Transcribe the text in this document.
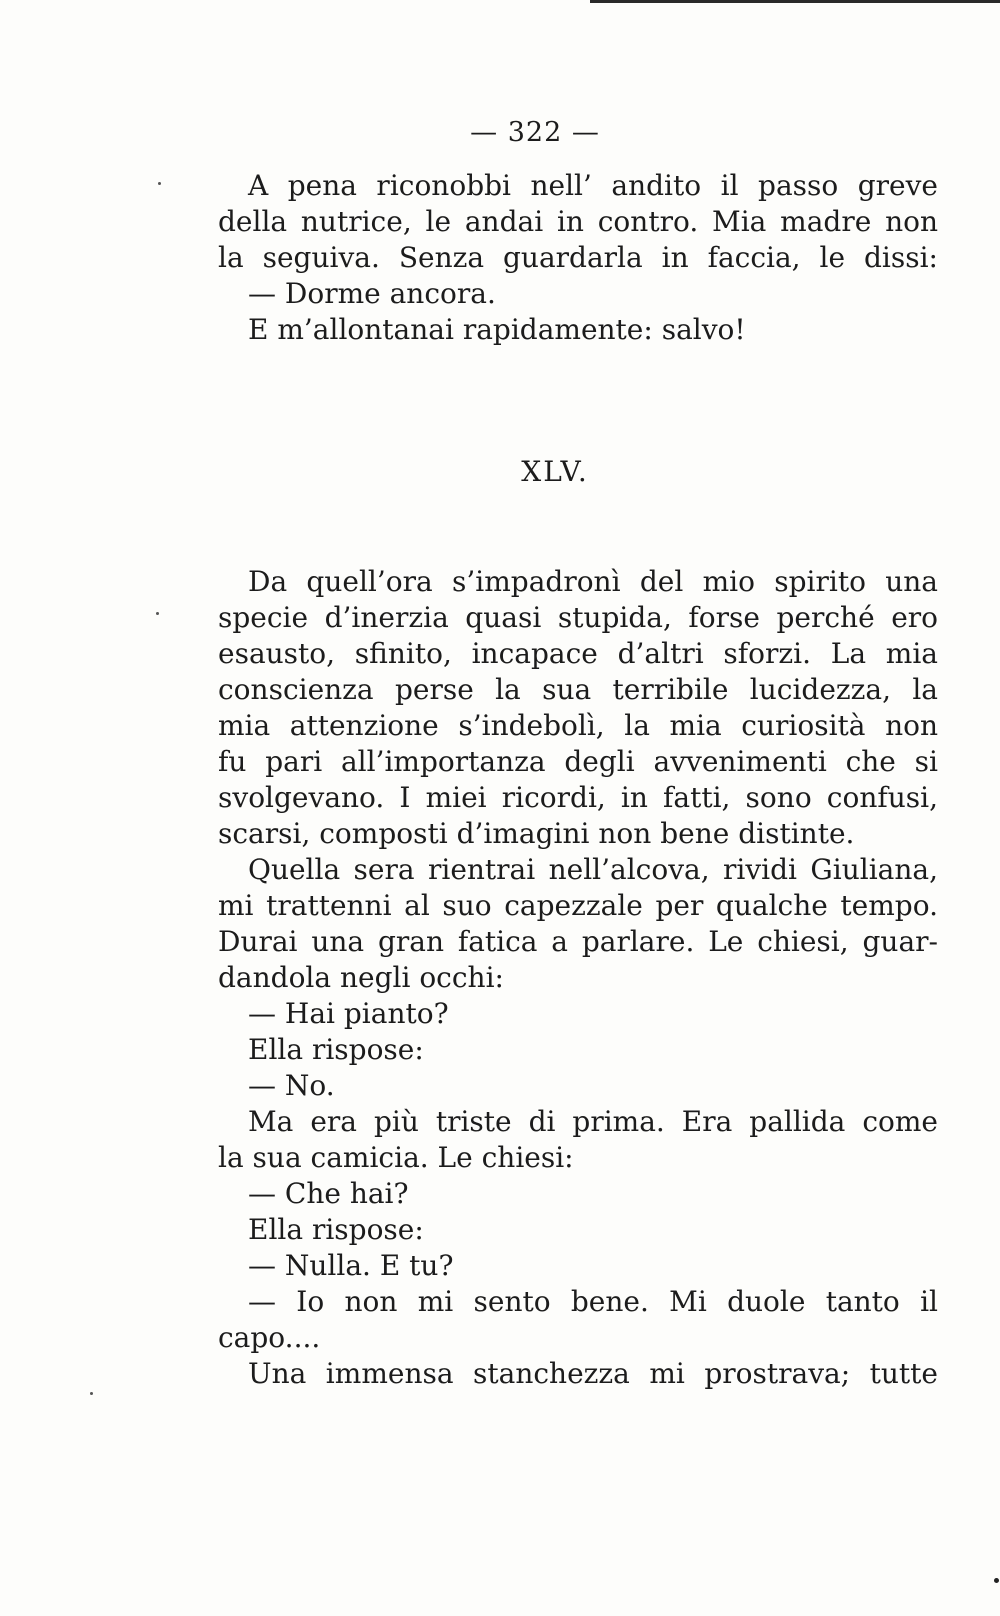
— 322 —
A pena riconobbi nell’ andito il passo greve
della nutrice, le andai in contro. Mia madre non
la seguiva. Senza guardarla in faccia, le dissi:
— Dorme ancora.
E m’allontanai rapidamente: salvo!
XLV.
Da quell’ora s’impadronì del mio spirito una
specie d’inerzia quasi stupida, forse perché ero
esausto, sfinito, incapace d’altri sforzi. La mia
conscienza perse la sua terribile lucidezza, la
mia attenzione s’indebolì, la mia curiosità non
fu pari all’importanza degli avvenimenti che si
svolgevano. I miei ricordi, in fatti, sono confusi,
scarsi, composti d’imagini non bene distinte.
Quella sera rientrai nell’alcova, rividi Giuliana,
mi trattenni al suo capezzale per qualche tempo.
Durai una gran fatica a parlare. Le chiesi, guar-
dandola negli occhi:
— Hai pianto?
Ella rispose:
— No.
Ma era più triste di prima. Era pallida come
la sua camicia. Le chiesi:
— Che hai?
Ella rispose:
— Nulla. E tu?
— Io non mi sento bene. Mi duole tanto il
capo....
Una immensa stanchezza mi prostrava; tutte
